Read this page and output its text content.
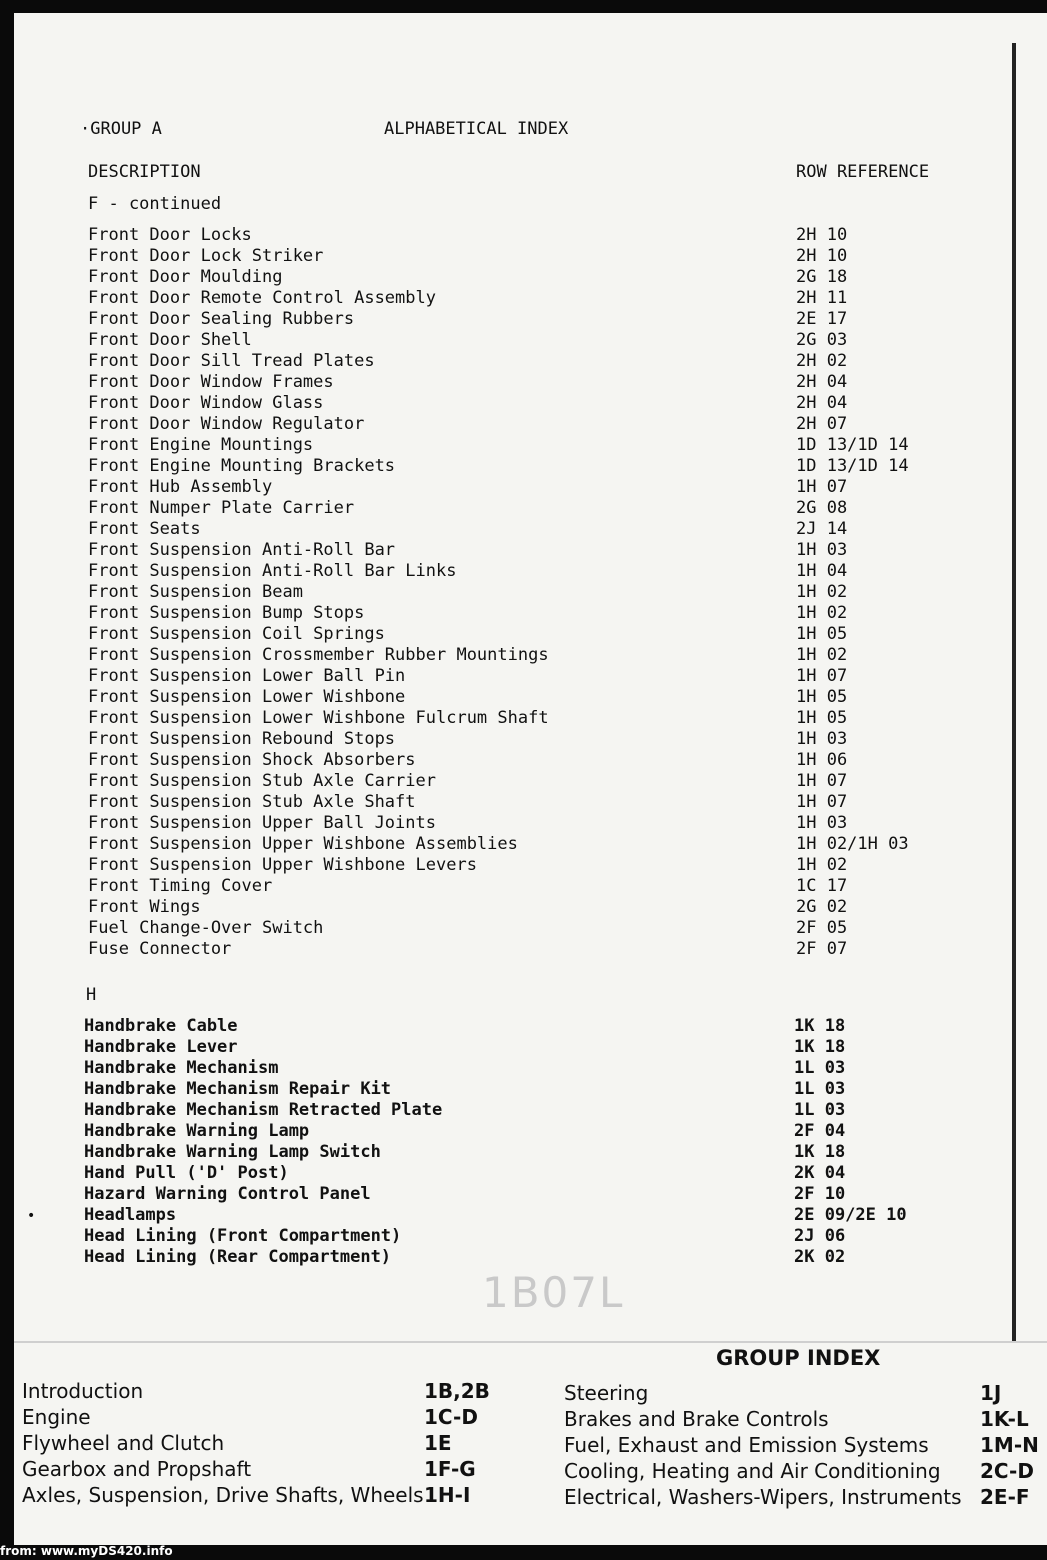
·GROUP A	ALPHABETICAL INDEX
DESCRIPTION	ROW REFERENCE
F - continued
Front Door Locks	2H 10
Front Door Lock Striker	2H 10
Front Door Moulding	2G 18
Front Door Remote Control Assembly	2H 11
Front Door Sealing Rubbers	2E 17
Front Door Shell	2G 03
Front Door Sill Tread Plates	2H 02
Front Door Window Frames	2H 04
Front Door Window Glass	2H 04
Front Door Window Regulator	2H 07
Front Engine Mountings	1D 13/1D 14
Front Engine Mounting Brackets	1D 13/1D 14
Front Hub Assembly	1H 07
Front Numper Plate Carrier	2G 08
Front Seats	2J 14
Front Suspension Anti-Roll Bar	1H 03
Front Suspension Anti-Roll Bar Links	1H 04
Front Suspension Beam	1H 02
Front Suspension Bump Stops	1H 02
Front Suspension Coil Springs	1H 05
Front Suspension Crossmember Rubber Mountings	1H 02
Front Suspension Lower Ball Pin	1H 07
Front Suspension Lower Wishbone	1H 05
Front Suspension Lower Wishbone Fulcrum Shaft	1H 05
Front Suspension Rebound Stops	1H 03
Front Suspension Shock Absorbers	1H 06
Front Suspension Stub Axle Carrier	1H 07
Front Suspension Stub Axle Shaft	1H 07
Front Suspension Upper Ball Joints	1H 03
Front Suspension Upper Wishbone Assemblies	1H 02/1H 03
Front Suspension Upper Wishbone Levers	1H 02
Front Timing Cover	1C 17
Front Wings	2G 02
Fuel Change-Over Switch	2F 05
Fuse Connector	2F 07
H
Handbrake Cable	1K 18
Handbrake Lever	1K 18
Handbrake Mechanism	1L 03
Handbrake Mechanism Repair Kit	1L 03
Handbrake Mechanism Retracted Plate	1L 03
Handbrake Warning Lamp	2F 04
Handbrake Warning Lamp Switch	1K 18
Hand Pull ('D' Post)	2K 04
Hazard Warning Control Panel	2F 10
Headlamps	2E 09/2E 10
Head Lining (Front Compartment)	2J 06
Head Lining (Rear Compartment)	2K 02
•
1B07L
GROUP INDEX
Introduction	1B,2B
Engine	1C-D
Flywheel and Clutch	1E
Gearbox and Propshaft	1F-G
Axles, Suspension, Drive Shafts, Wheels 1H-I
Steering	1J
Brakes and Brake Controls	1K-L
Fuel, Exhaust and Emission Systems	1M-N
Cooling, Heating and Air Conditioning 2C-D
Electrical, Washers-Wipers, Instruments 2E-F
from: www.myDS420.info
